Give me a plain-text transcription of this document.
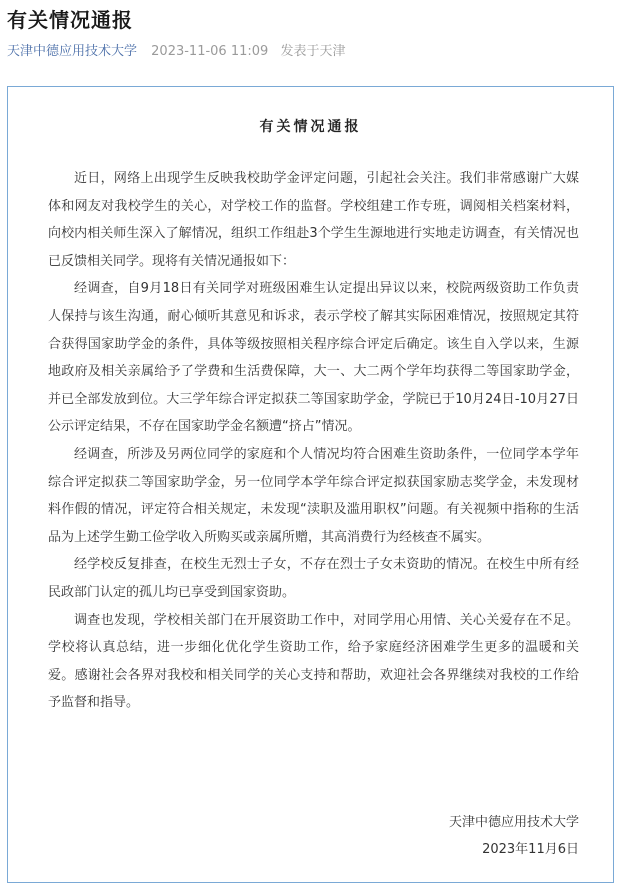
有关情况通报
天津中德应用技术大学 2023-11-06 11:09 发表于天津
有关情况通报

近日，网络上出现学生反映我校助学金评定问题，引起社会关注。我们非常感谢广大媒体和网友对我校学生的关心，对学校工作的监督。学校组建工作专班，调阅相关档案材料，向校内相关师生深入了解情况，组织工作组赴3个学生生源地进行实地走访调查，有关情况也已反馈相关同学。现将有关情况通报如下：

经调查，自9月18日有关同学对班级困难生认定提出异议以来，校院两级资助工作负责人保持与该生沟通，耐心倾听其意见和诉求，表示学校了解其实际困难情况，按照规定其符合获得国家助学金的条件，具体等级按照相关程序综合评定后确定。该生自入学以来，生源地政府及相关亲属给予了学费和生活费保障，大一、大二两个学年均获得二等国家助学金，并已全部发放到位。大三学年综合评定拟获二等国家助学金，学院已于10月24日-10月27日公示评定结果，不存在国家助学金名额遭“挤占”情况。

经调查，所涉及另两位同学的家庭和个人情况均符合困难生资助条件，一位同学本学年综合评定拟获二等国家助学金，另一位同学本学年综合评定拟获国家励志奖学金，未发现材料作假的情况，评定符合相关规定，未发现“渎职及滥用职权”问题。有关视频中指称的生活品为上述学生勤工俭学收入所购买或亲属所赠，其高消费行为经核查不属实。

经学校反复排查，在校生无烈士子女，不存在烈士子女未资助的情况。在校生中所有经民政部门认定的孤儿均已享受到国家资助。

调查也发现，学校相关部门在开展资助工作中，对同学用心用情、关心关爱存在不足。学校将认真总结，进一步细化优化学生资助工作，给予家庭经济困难学生更多的温暖和关爱。感谢社会各界对我校和相关同学的关心支持和帮助，欢迎社会各界继续对我校的工作给予监督和指导。

天津中德应用技术大学
2023年11月6日
